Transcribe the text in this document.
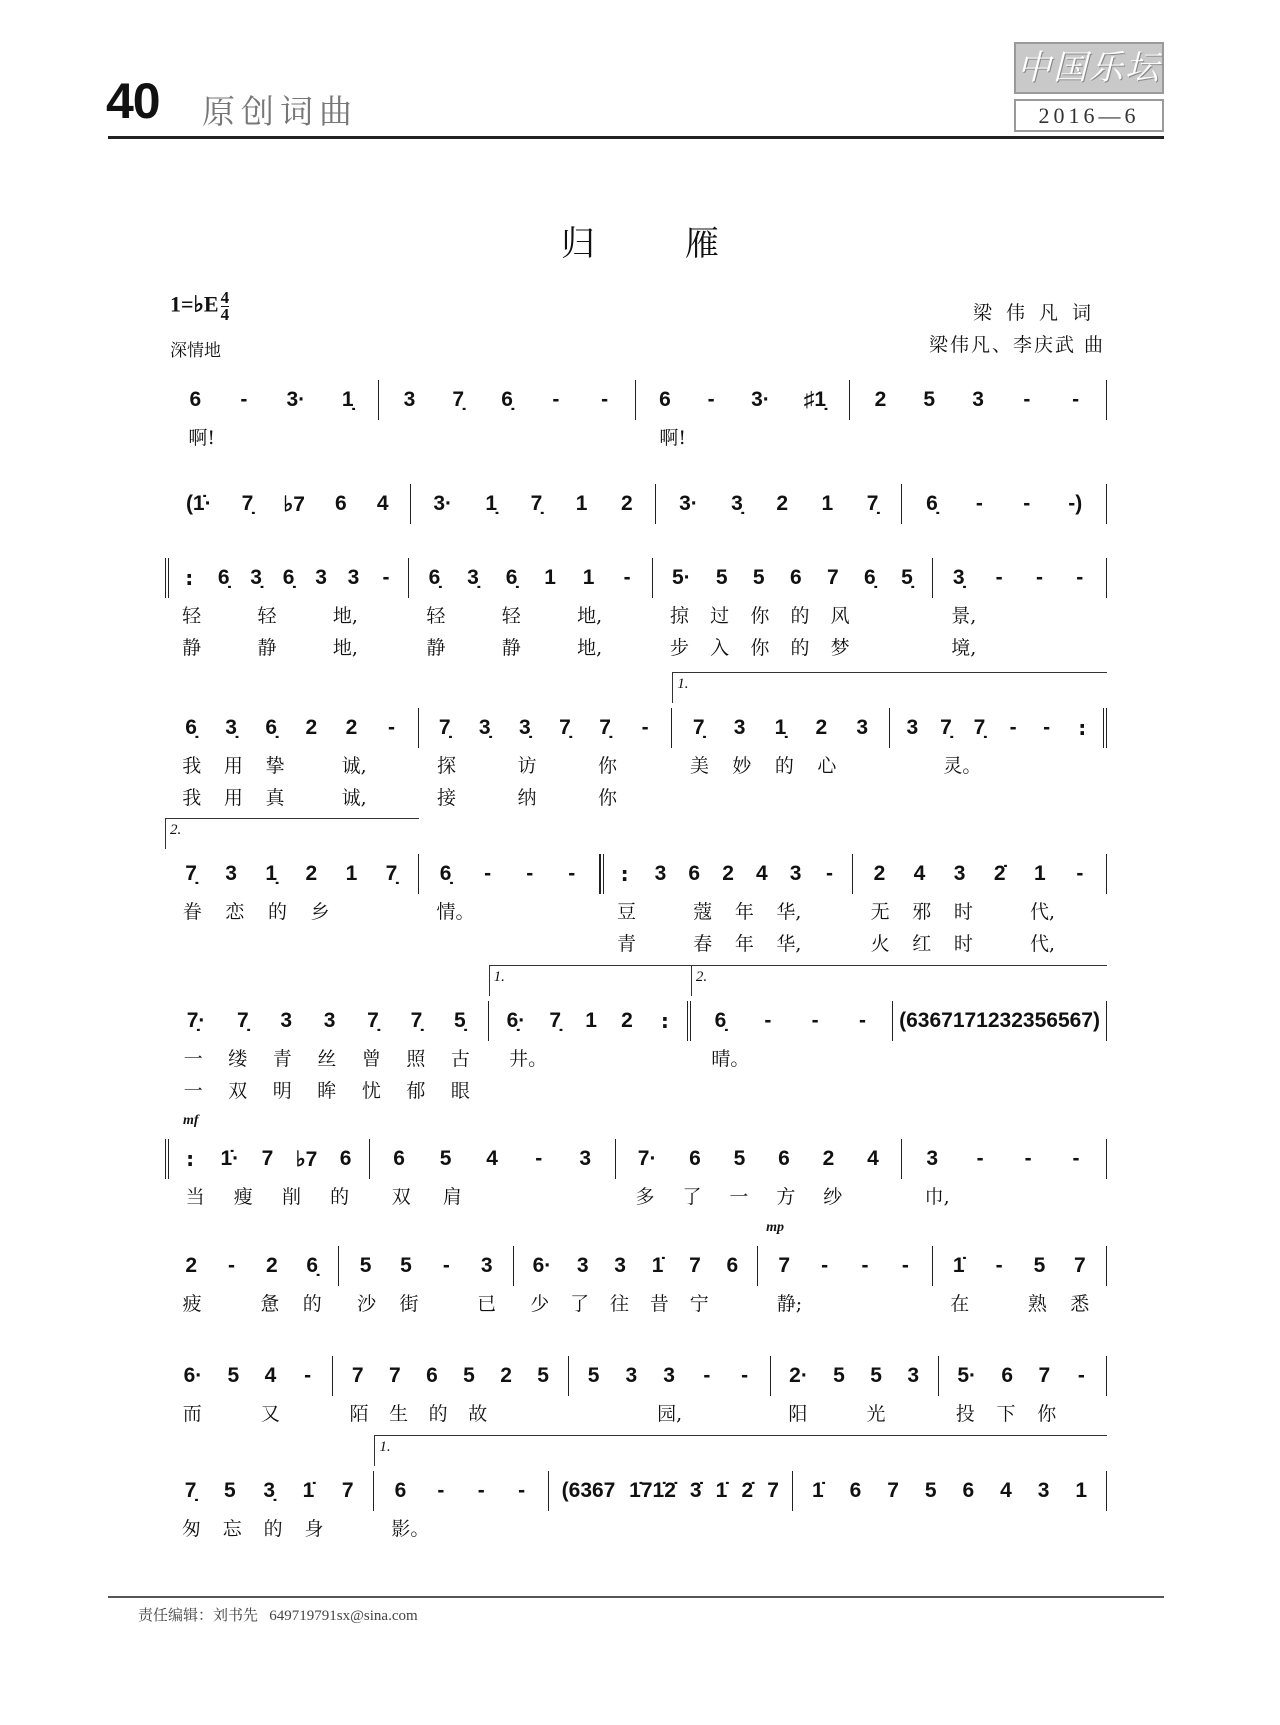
40 原创词曲
中国乐坛
2016—6
归	雁
1=♭E $\frac{4}{4}$
深情地
梁伟凡词
梁伟凡、李庆武 曲
6 - 3· 1̣
啊!
3 7̣ 6̣ - - 6 - 3· ♯1̣
啊!
2 5 3 - -
(1̇· 7̣ ♭7 6 4 3· 1̣ 7̣ 1 2 3· 3̣ 2 1 7̣ 6̣ - - -)
: 6̣ 3̣ 6̣ 3 3 -
轻	轻	地,
静	静	地,
6̣ 3̣ 6̣ 1 1 -
轻	轻	地,
静	静	地,
5· 5 5 6 7 6̣ 5̣
掠 过 你 的 风
步 入 你 的 梦
3̣ - - -
景,
境,
6̣ 3̣ 6̣ 2 2 -
我 用 挚	诚,
我 用 真	诚,
7̣ 3̣ 3̣ 7̣ 7̣ -
探	访	你
接	纳	你
1.
7̣ 3 1̣ 2 3
美 妙 的 心
3 7̣ 7̣ - -
:
灵。
2.
7̣ 3 1̣ 2 1 7̣
眷 恋 的 乡
6̣ - - -
情。
: 3 6 2 4 3 -
豆	蔻 年 华,
青	春 年 华,
2 4 3 2̇ 1 -
无 邪 时	代,
火 红 时	代,
7̣· 7̣ 3 3 7̣ 7̣ 5̣
一 缕 青 丝 曾 照 古
一 双 明 眸 忧 郁 眼
1.
6̣· 7̣ 1 2
:
井。
2.
6̣ - - -
晴。
(6367 1712 3235 6567)
mf
: 1̇· 7 ♭7 6
当 瘦 削 的
6 5 4 - 3
双 肩
7· 6 5 6 2 4
多 了 一 方 纱
3 - - -
巾,
2 - 2 6̣
疲	惫 的
5 5 - 3
沙 街	已
6· 3 3 1̇ 7 6
少 了 往 昔 宁
mp
7 - - -
静;
1̇ - 5 7
在	熟 悉
6· 5 4 -
而	又
7 7 6 5 2 5
陌 生 的 故
5 3 3 - -
园,
2· 5 5 3
阳	光
5· 6 7 -
投 下 你
7̣ 5 3̣ 1̇ 7
匆 忘 的 身
1.
6 - - -
影。
(6367 1̇71̇2̇ 3̇ 1̇ 2̇ 7 1̇ 6 7 5 6 4 3 1
责任编辑：刘书先 649719791sx@sina.com
